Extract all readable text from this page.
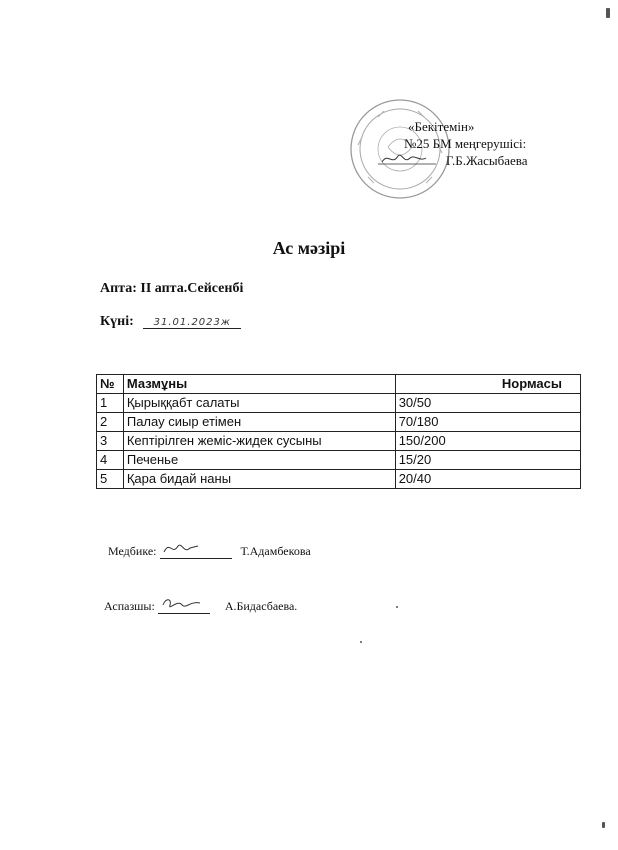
«Бекітемін»
№25 БМ меңгерушісі:
Г.Б.Жасыбаева
Ас мәзірі
Апта: ІІ апта.Сейсенбі
Күні: 31.01.2023ж
№	Мазмұны	Нормасы
1	Қырыққабт салаты	30/50
2	Палау сиыр етімен	70/180
3	Кептірілген жеміс-жидек сусыны	150/200
4	Печенье	15/20
5	Қара бидай наны	20/40
Медбике:	Т.Адамбекова
Аспазшы:	А.Бидасбаева.
